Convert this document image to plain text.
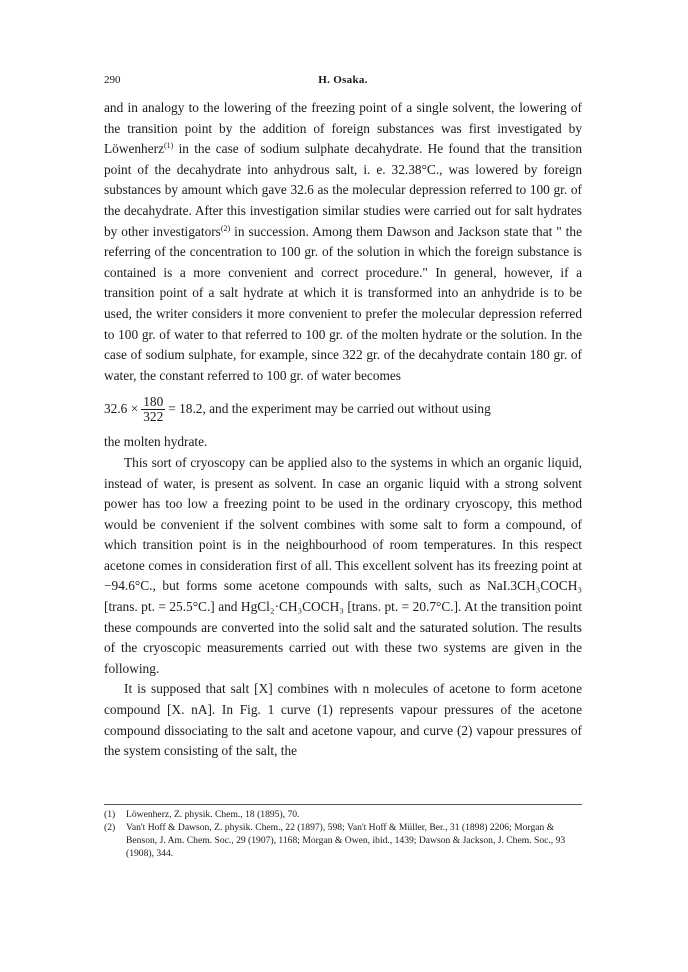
290	H. Osaka.

and in analogy to the lowering of the freezing point of a single solvent, the lowering of the transition point by the addition of foreign substances was first investigated by Löwenherz$^{(1)}$ in the case of sodium sulphate decahydrate. He found that the transition point of the decahydrate into anhydrous salt, i. e. 32.38°C., was lowered by foreign substances by amount which gave 32.6 as the molecular depression referred to 100 gr. of the decahydrate. After this investigation similar studies were carried out for salt hydrates by other investigators$^{(2)}$ in succession. Among them Dawson and Jackson state that " the referring of the concentration to 100 gr. of the solution in which the foreign substance is contained is a more convenient and correct procedure." In general, however, if a transition point of a salt hydrate at which it is transformed into an anhydride is to be used, the writer considers it more convenient to prefer the molecular depression referred to 100 gr. of water to that referred to 100 gr. of the molten hydrate or the solution. In the case of sodium sulphate, for example, since 322 gr. of the decahydrate contain 180 gr. of water, the constant referred to 100 gr. of water becomes

$32.6 \times \frac{180}{322} = 18.2$, and the experiment may be carried out without using

the molten hydrate.

This sort of cryoscopy can be applied also to the systems in which an organic liquid, instead of water, is present as solvent. In case an organic liquid with a strong solvent power has too low a freezing point to be used in the ordinary cryoscopy, this method would be convenient if the solvent combines with some salt to form a compound, of which transition point is in the neighbourhood of room temperatures. In this respect acetone comes in consideration first of all. This excellent solvent has its freezing point at −94.6°C., but forms some acetone compounds with salts, such as NaI.3CH₃COCH₃ [trans. pt. = 25.5°C.] and HgCl₂·CH₃COCH₃ [trans. pt. = 20.7°C.]. At the transition point these compounds are converted into the solid salt and the saturated solution. The results of the cryoscopic measurements carried out with these two systems are given in the following.

It is supposed that salt [X] combines with n molecules of acetone to form acetone compound [X. nA]. In Fig. 1 curve (1) represents vapour pressures of the acetone compound dissociating to the salt and acetone vapour, and curve (2) vapour pressures of the system consisting of the salt, the

(1) Löwenherz, Z. physik. Chem., 18 (1895), 70.
(2) Van't Hoff & Dawson, Z. physik. Chem., 22 (1897), 598; Van't Hoff & Müller, Ber., 31 (1898) 2206; Morgan & Benson, J. Am. Chem. Soc., 29 (1907), 1168; Morgan & Owen, ibid., 1439; Dawson & Jackson, J. Chem. Soc., 93 (1908), 344.
